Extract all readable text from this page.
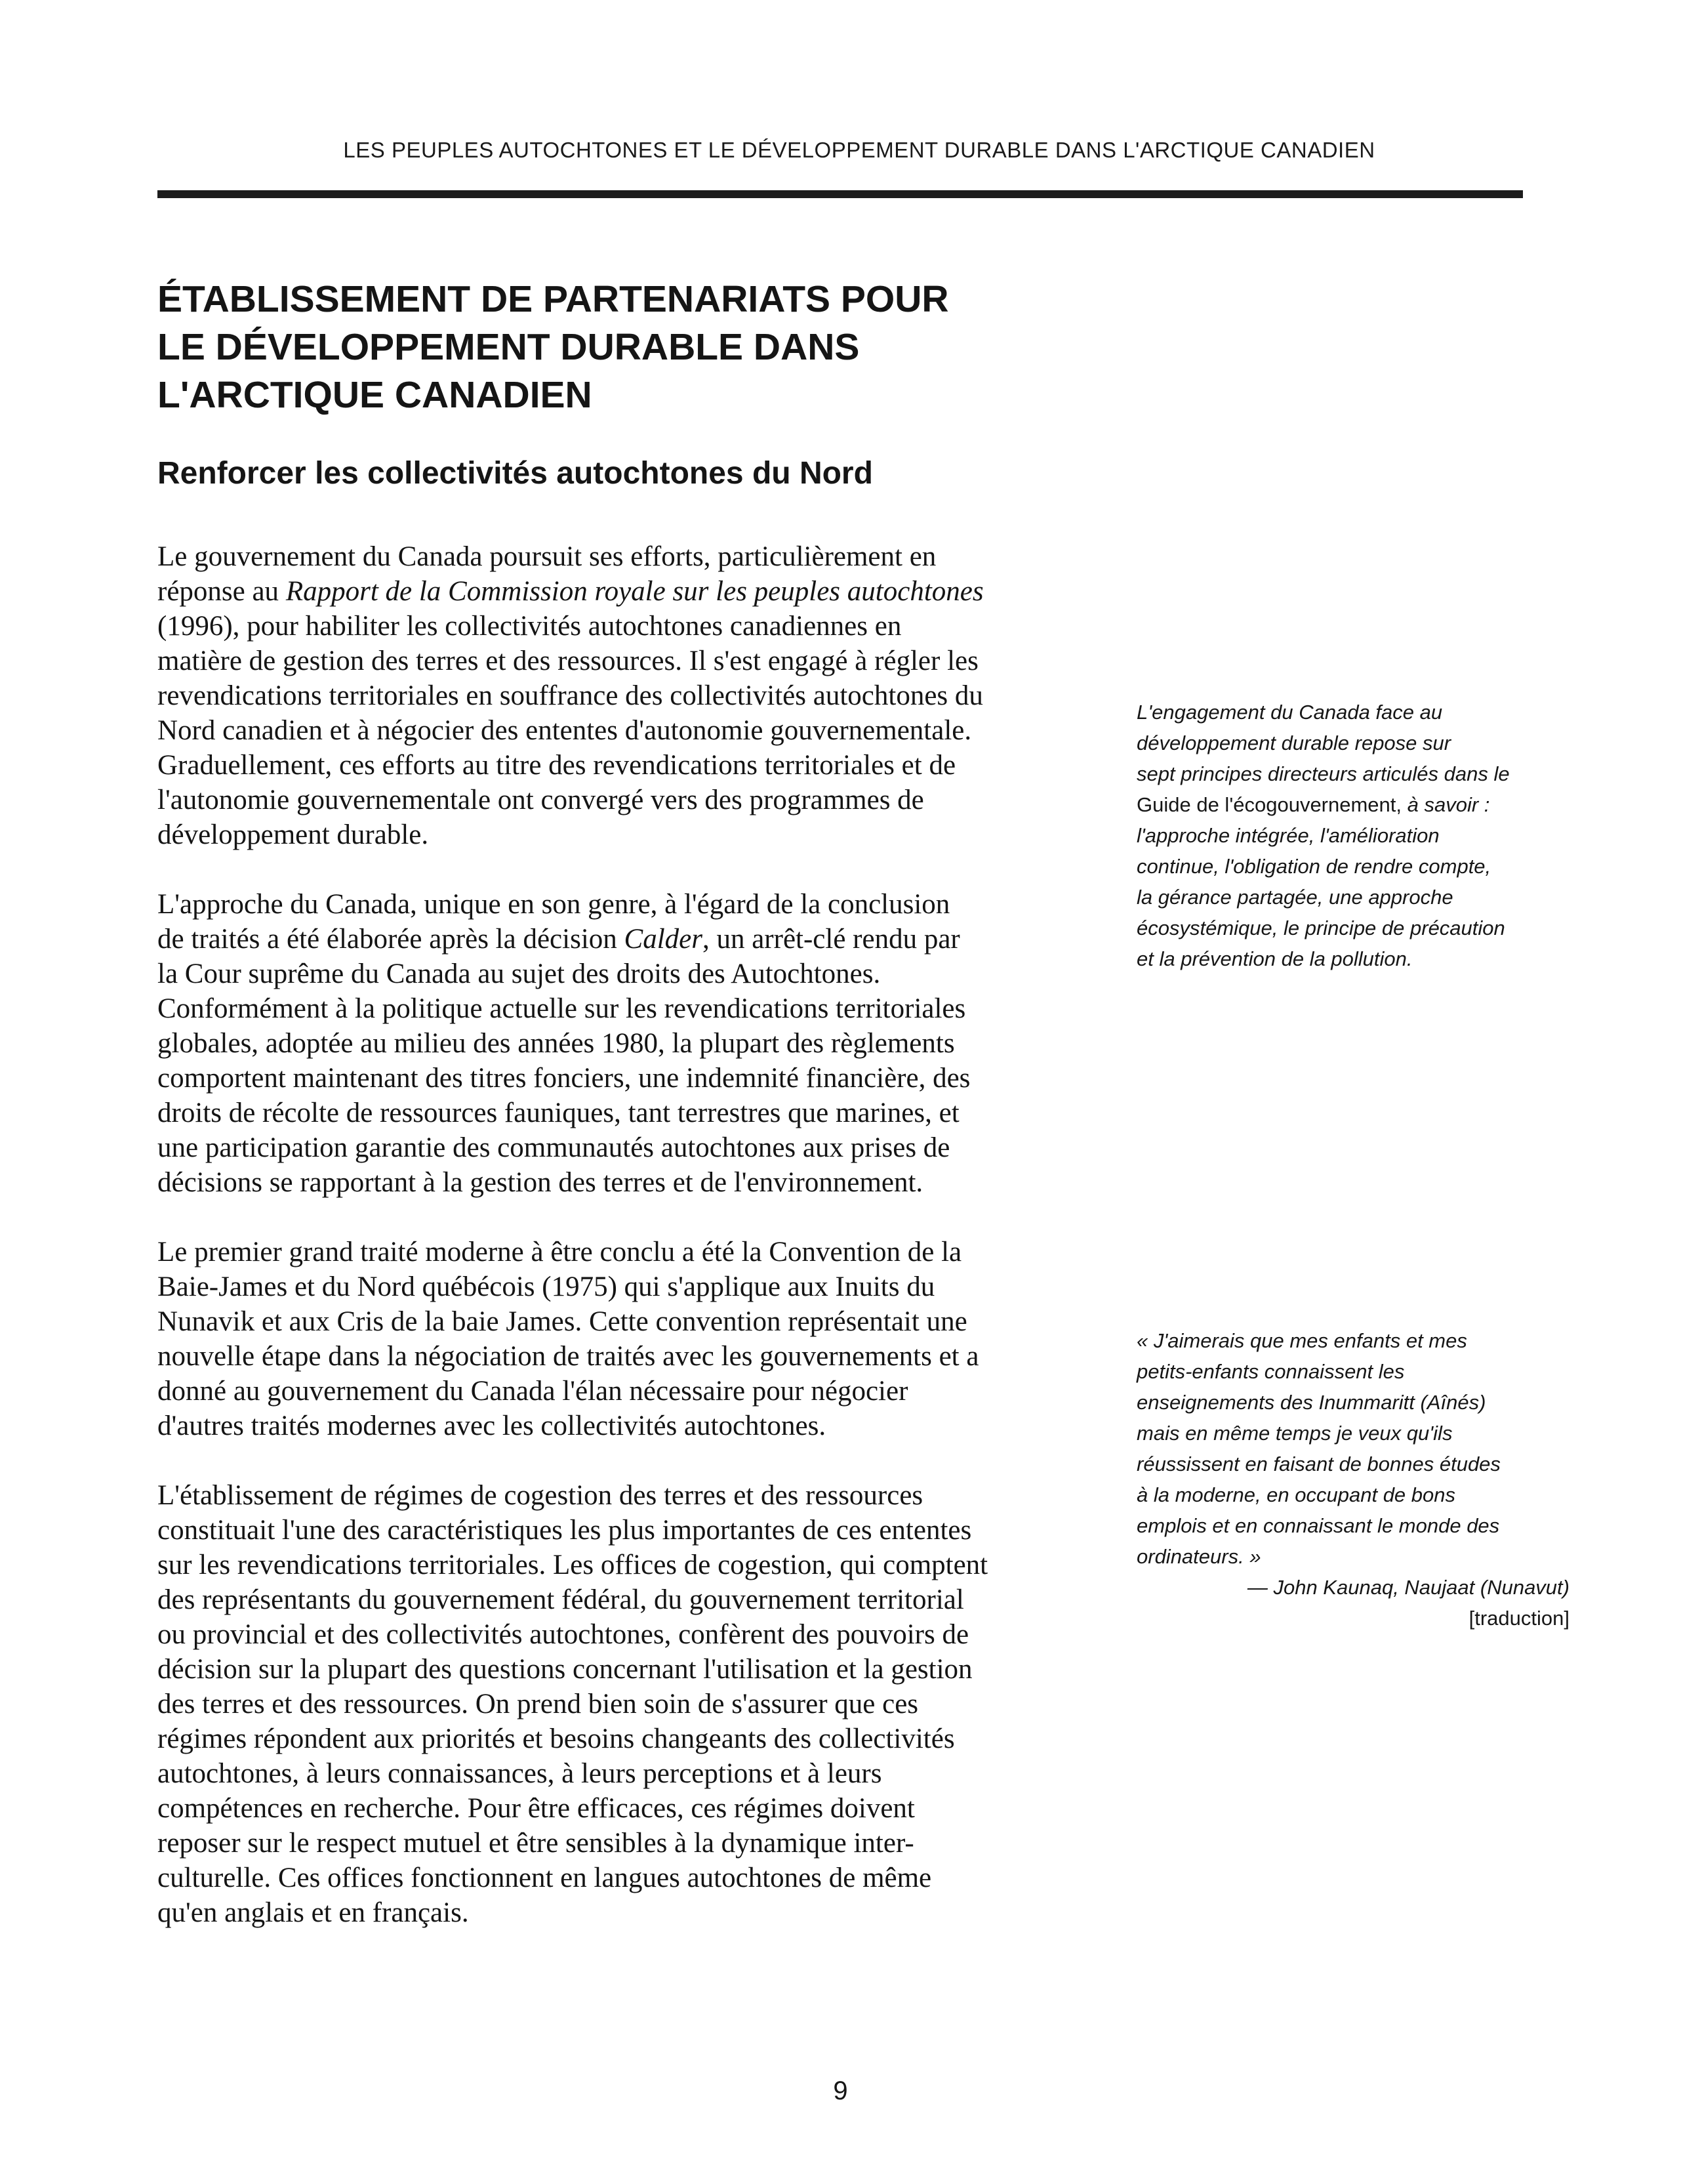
LES PEUPLES AUTOCHTONES ET LE DÉVELOPPEMENT DURABLE DANS L'ARCTIQUE CANADIEN
ÉTABLISSEMENT DE PARTENARIATS POUR
LE DÉVELOPPEMENT DURABLE DANS
L'ARCTIQUE CANADIEN
Renforcer les collectivités autochtones du Nord

Le gouvernement du Canada poursuit ses efforts, particulièrement en
réponse au Rapport de la Commission royale sur les peuples autochtones
(1996), pour habiliter les collectivités autochtones canadiennes en
matière de gestion des terres et des ressources. Il s'est engagé à régler les
revendications territoriales en souffrance des collectivités autochtones du
Nord canadien et à négocier des ententes d'autonomie gouvernementale.
Graduellement, ces efforts au titre des revendications territoriales et de
l'autonomie gouvernementale ont convergé vers des programmes de
développement durable.

L'approche du Canada, unique en son genre, à l'égard de la conclusion
de traités a été élaborée après la décision Calder, un arrêt-clé rendu par
la Cour suprême du Canada au sujet des droits des Autochtones.
Conformément à la politique actuelle sur les revendications territoriales
globales, adoptée au milieu des années 1980, la plupart des règlements
comportent maintenant des titres fonciers, une indemnité financière, des
droits de récolte de ressources fauniques, tant terrestres que marines, et
une participation garantie des communautés autochtones aux prises de
décisions se rapportant à la gestion des terres et de l'environnement.

Le premier grand traité moderne à être conclu a été la Convention de la
Baie-James et du Nord québécois (1975) qui s'applique aux Inuits du
Nunavik et aux Cris de la baie James. Cette convention représentait une
nouvelle étape dans la négociation de traités avec les gouvernements et a
donné au gouvernement du Canada l'élan nécessaire pour négocier
d'autres traités modernes avec les collectivités autochtones.

L'établissement de régimes de cogestion des terres et des ressources
constituait l'une des caractéristiques les plus importantes de ces ententes
sur les revendications territoriales. Les offices de cogestion, qui comptent
des représentants du gouvernement fédéral, du gouvernement territorial
ou provincial et des collectivités autochtones, confèrent des pouvoirs de
décision sur la plupart des questions concernant l'utilisation et la gestion
des terres et des ressources. On prend bien soin de s'assurer que ces
régimes répondent aux priorités et besoins changeants des collectivités
autochtones, à leurs connaissances, à leurs perceptions et à leurs
compétences en recherche. Pour être efficaces, ces régimes doivent
reposer sur le respect mutuel et être sensibles à la dynamique inter-
culturelle. Ces offices fonctionnent en langues autochtones de même
qu'en anglais et en français.

L'engagement du Canada face au
développement durable repose sur
sept principes directeurs articulés dans le
Guide de l'écogouvernement, à savoir :
l'approche intégrée, l'amélioration
continue, l'obligation de rendre compte,
la gérance partagée, une approche
écosystémique, le principe de précaution
et la prévention de la pollution.
« J'aimerais que mes enfants et mes
petits-enfants connaissent les
enseignements des Inummaritt (Aînés)
mais en même temps je veux qu'ils
réussissent en faisant de bonnes études
à la moderne, en occupant de bons
emplois et en connaissant le monde des
ordinateurs. »
— John Kaunaq, Naujaat (Nunavut)
[traduction]
9
